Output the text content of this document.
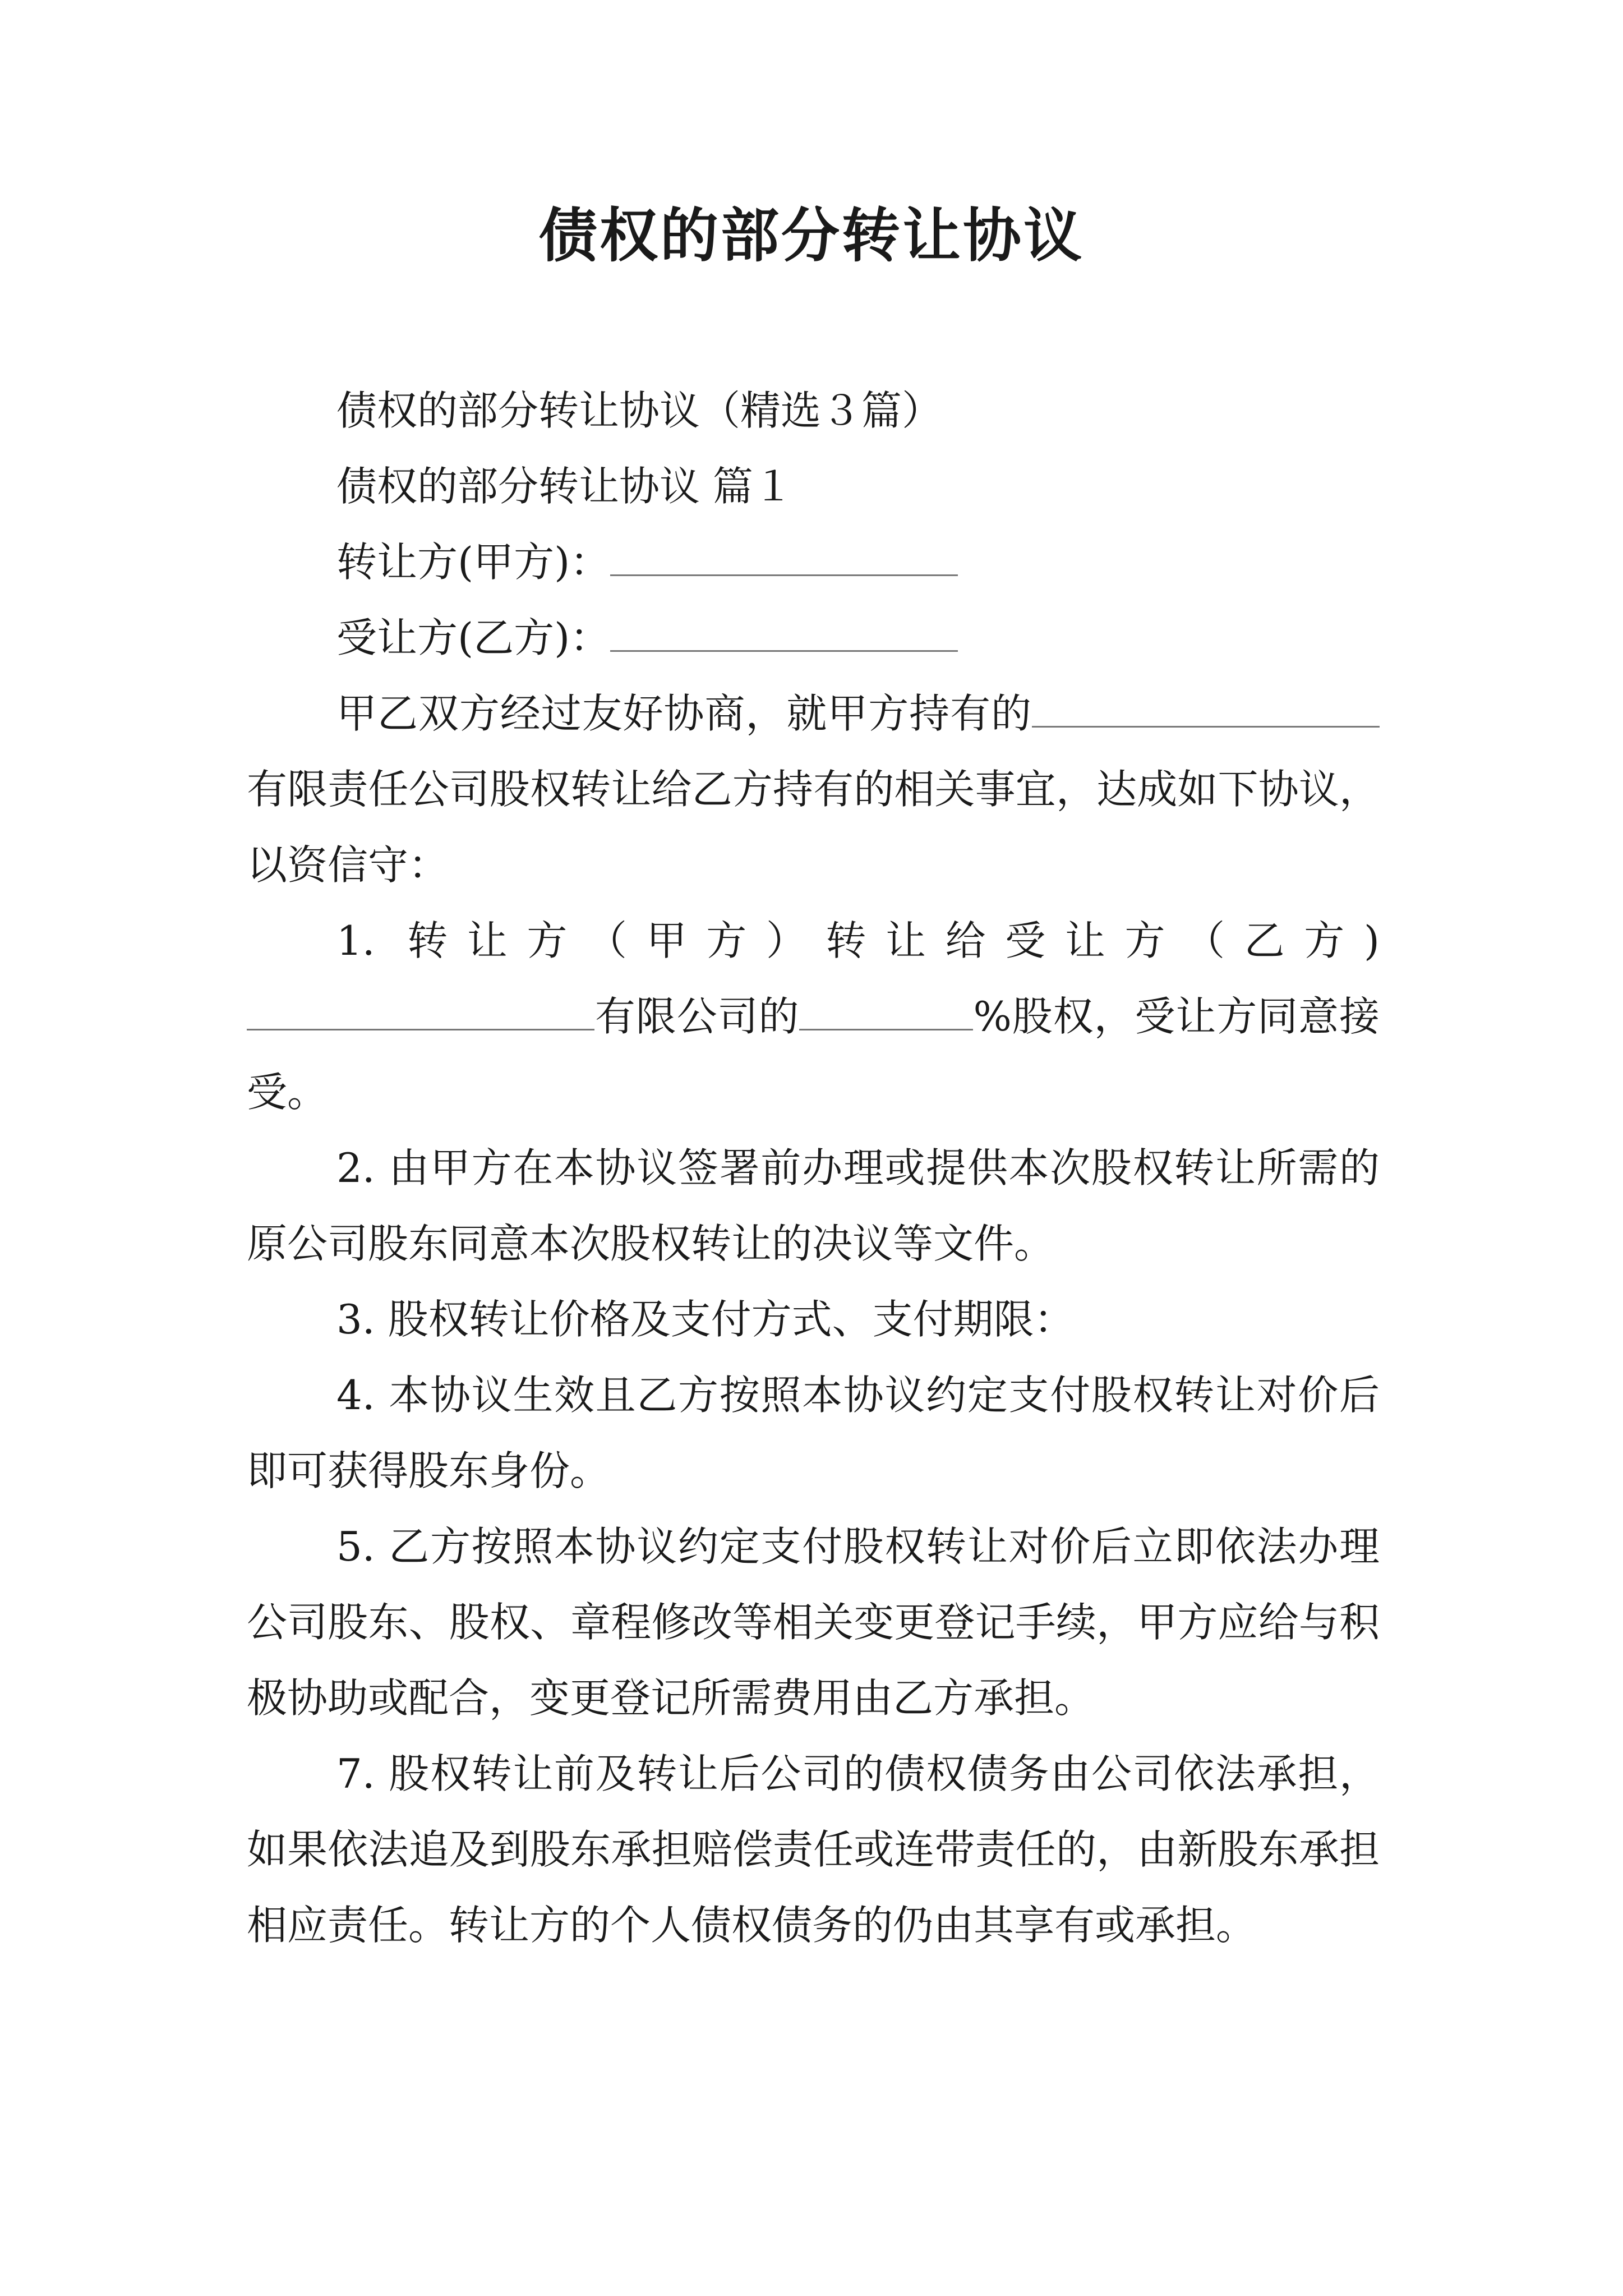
债权的部分转让协议

债权的部分转让协议（精选３篇）

债权的部分转让协议 篇１

转让方(甲方)：

受让方(乙方)：

甲乙双方经过友好协商，就甲方持有的有限责任公司股权转让给乙方持有的相关事宜，达成如下协议，以资信守：

1. 转让方（甲方）转让给受让方（乙方)有限公司的	%股权，受让方同意接受。

2. 由甲方在本协议签署前办理或提供本次股权转让所需的原公司股东同意本次股权转让的决议等文件。

3. 股权转让价格及支付方式、支付期限：

4. 本协议生效且乙方按照本协议约定支付股权转让对价后即可获得股东身份。

5. 乙方按照本协议约定支付股权转让对价后立即依法办理公司股东、股权、章程修改等相关变更登记手续，甲方应给与积极协助或配合，变更登记所需费用由乙方承担。

7. 股权转让前及转让后公司的债权债务由公司依法承担，如果依法追及到股东承担赔偿责任或连带责任的，由新股东承担相应责任。转让方的个人债权债务的仍由其享有或承担。
